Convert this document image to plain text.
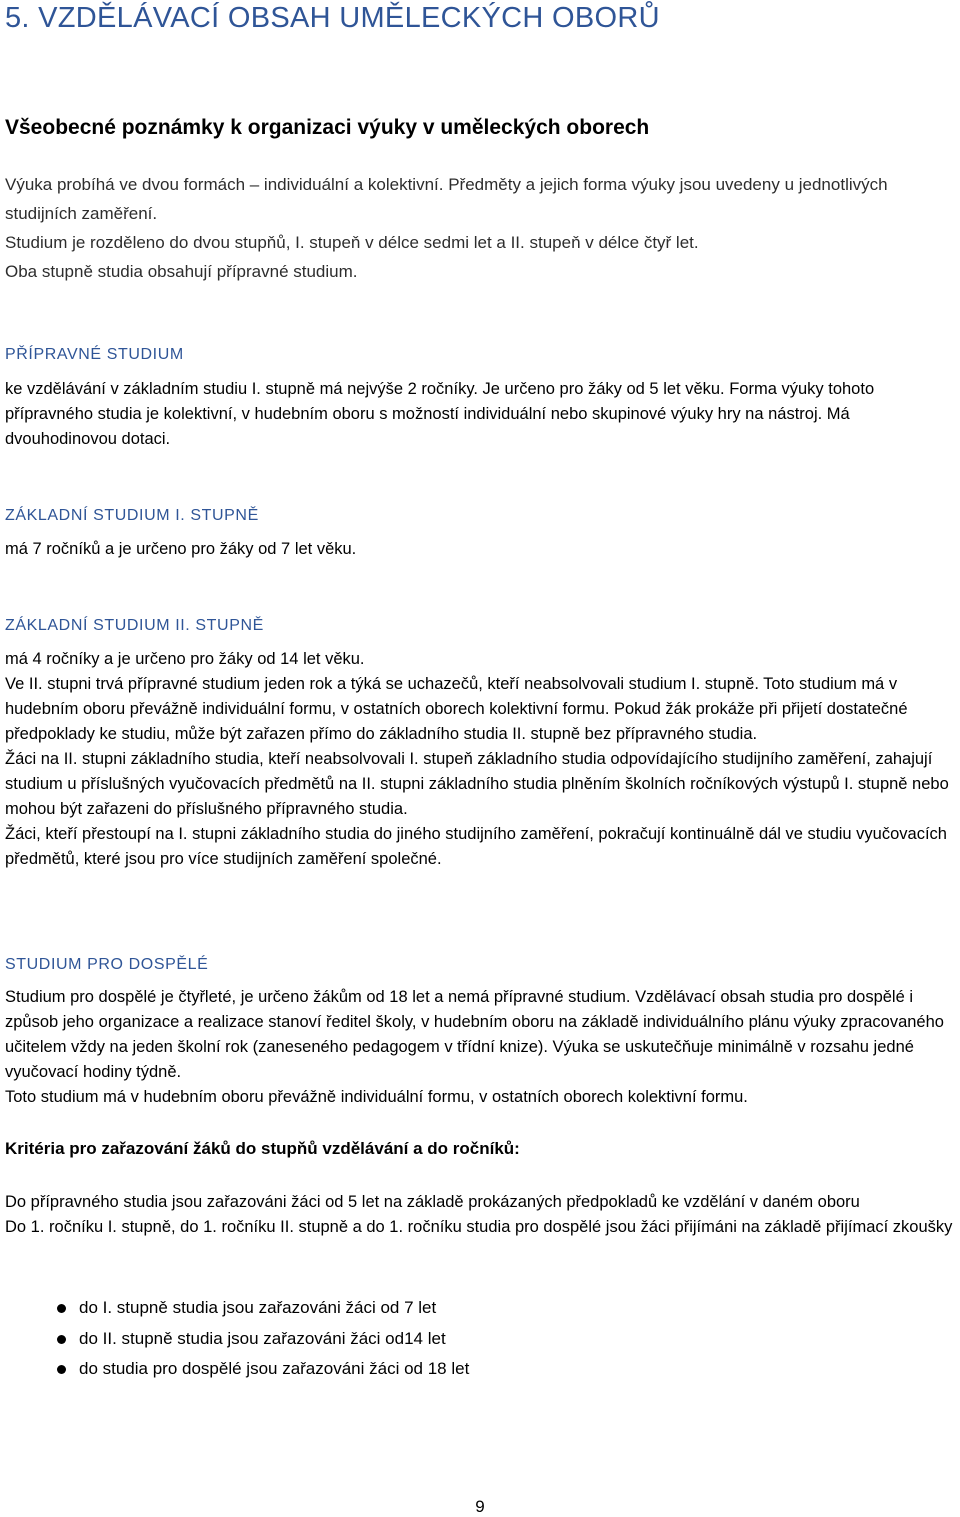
5. VZDĚLÁVACÍ OBSAH UMĚLECKÝCH OBORŮ
Všeobecné poznámky k organizaci výuky v uměleckých oborech

Výuka probíhá ve dvou formách – individuální a kolektivní. Předměty a jejich forma výuky jsou uvedeny u jednotlivých studijních zaměření.

Studium je rozděleno do dvou stupňů, I. stupeň v délce sedmi let a II. stupeň v délce čtyř let.

Oba stupně studia obsahují přípravné studium.

PŘÍPRAVNÉ STUDIUM
ke vzdělávání v základním studiu I. stupně má nejvýše 2 ročníky. Je určeno pro žáky od 5 let věku. Forma výuky tohoto přípravného studia je kolektivní, v hudebním oboru s možností individuální nebo skupinové výuky hry na nástroj. Má dvouhodinovou dotaci.
ZÁKLADNÍ STUDIUM I. STUPNĚ
má 7 ročníků a je určeno pro žáky od 7 let věku.
ZÁKLADNÍ STUDIUM II. STUPNĚ

má 4 ročníky a je určeno pro žáky od 14 let věku.

Ve II. stupni trvá přípravné studium jeden rok a týká se uchazečů, kteří neabsolvovali studium I. stupně. Toto studium má v hudebním oboru převážně individuální formu, v ostatních oborech kolektivní formu. Pokud žák prokáže při přijetí dostatečné předpoklady ke studiu, může být zařazen přímo do základního studia II. stupně bez přípravného studia.

Žáci na II. stupni základního studia, kteří neabsolvovali I. stupeň základního studia odpovídajícího studijního zaměření, zahajují studium u příslušných vyučovacích předmětů na II. stupni základního studia plněním školních ročníkových výstupů I. stupně nebo mohou být zařazeni do příslušného přípravného studia.

Žáci, kteří přestoupí na I. stupni základního studia do jiného studijního zaměření, pokračují kontinuálně dál ve studiu vyučovacích předmětů, které jsou pro více studijních zaměření společné.

STUDIUM PRO DOSPĚLÉ

Studium pro dospělé je čtyřleté, je určeno žákům od 18 let a nemá přípravné studium. Vzdělávací obsah studia pro dospělé i způsob jeho organizace a realizace stanoví ředitel školy, v hudebním oboru na základě individuálního plánu výuky zpracovaného učitelem vždy na jeden školní rok (zaneseného pedagogem v třídní knize). Výuka se uskutečňuje minimálně v rozsahu jedné vyučovací hodiny týdně.

Toto studium má v hudebním oboru převážně individuální formu, v ostatních oborech kolektivní formu.

Kritéria pro zařazování žáků do stupňů vzdělávání a do ročníků:

Do přípravného studia jsou zařazováni žáci od 5 let na základě prokázaných předpokladů ke vzdělání v daném oboru

Do 1. ročníku I. stupně, do 1. ročníku II. stupně a do 1. ročníku studia pro dospělé jsou žáci přijímáni na základě přijímací zkoušky

do I. stupně studia jsou zařazováni žáci od 7 let
do II. stupně studia jsou zařazováni žáci od14 let
do studia pro dospělé jsou zařazováni žáci od 18 let
9
